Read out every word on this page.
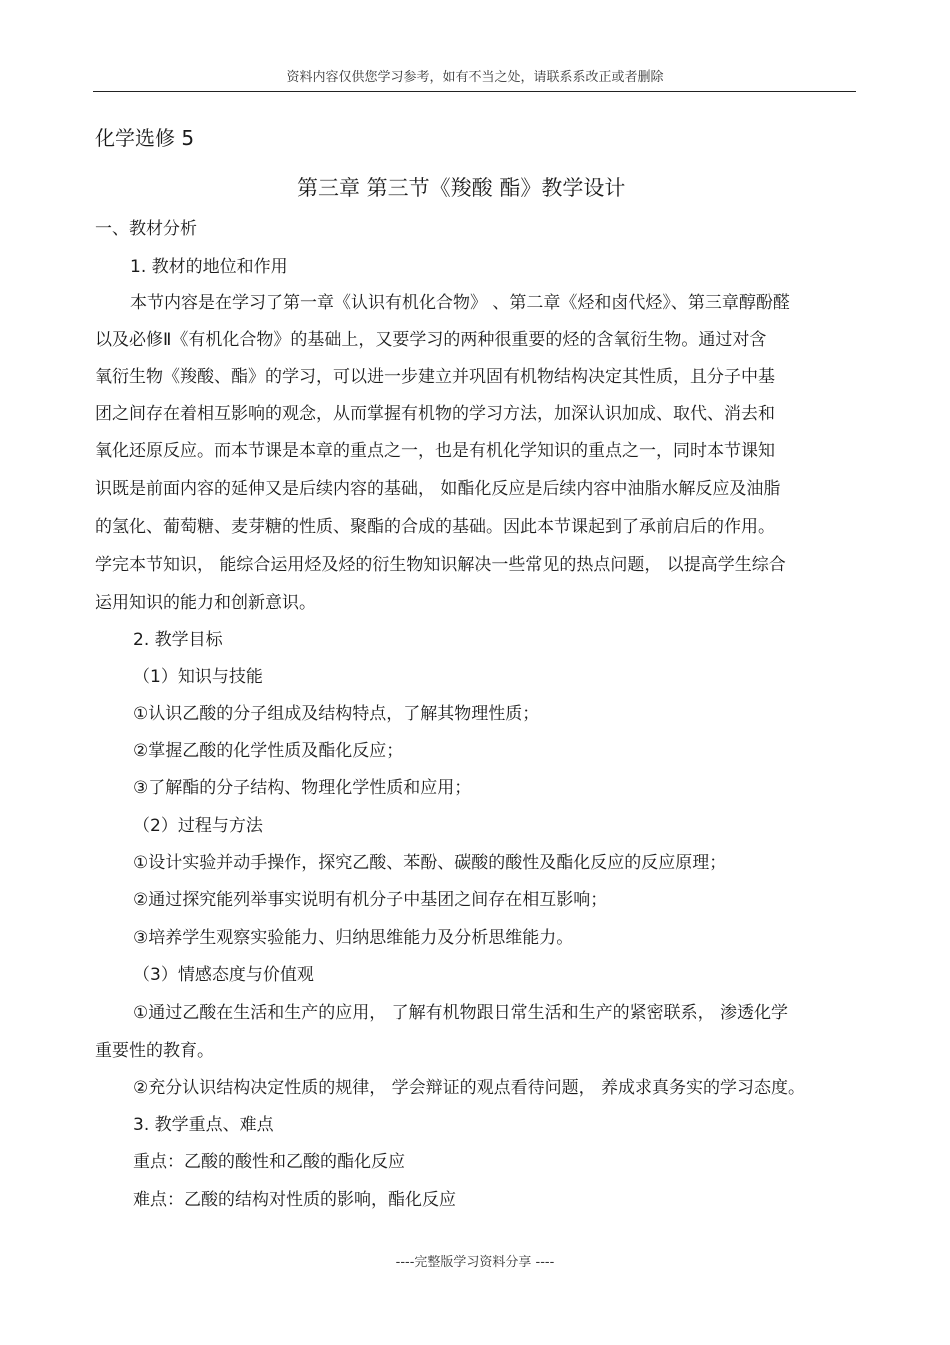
资料内容仅供您学习参考，如有不当之处，请联系系改正或者删除
化学选修 5
第三章 第三节《羧酸 酯》教学设计
一、教材分析
1. 教材的地位和作用
本节内容是在学习了第一章《认识有机化合物》 、第二章《烃和卤代烃》、第三章醇酚醛
以及必修Ⅱ《有机化合物》的基础上，又要学习的两种很重要的烃的含氧衍生物。通过对含
氧衍生物《羧酸、酯》的学习，可以进一步建立并巩固有机物结构决定其性质，且分子中基
团之间存在着相互影响的观念，从而掌握有机物的学习方法，加深认识加成、取代、消去和
氧化还原反应。而本节课是本章的重点之一，也是有机化学知识的重点之一，同时本节课知
识既是前面内容的延伸又是后续内容的基础， 如酯化反应是后续内容中油脂水解反应及油脂
的氢化、葡萄糖、麦芽糖的性质、聚酯的合成的基础。因此本节课起到了承前启后的作用。
学完本节知识， 能综合运用烃及烃的衍生物知识解决一些常见的热点问题， 以提高学生综合
运用知识的能力和创新意识。
2. 教学目标
（1）知识与技能
①认识乙酸的分子组成及结构特点，了解其物理性质；
②掌握乙酸的化学性质及酯化反应；
③了解酯的分子结构、物理化学性质和应用；
（2）过程与方法
①设计实验并动手操作，探究乙酸、苯酚、碳酸的酸性及酯化反应的反应原理；
②通过探究能列举事实说明有机分子中基团之间存在相互影响；
③培养学生观察实验能力、归纳思维能力及分析思维能力。
（3）情感态度与价值观
①通过乙酸在生活和生产的应用， 了解有机物跟日常生活和生产的紧密联系， 渗透化学
重要性的教育。
②充分认识结构决定性质的规律， 学会辩证的观点看待问题， 养成求真务实的学习态度。
3. 教学重点、难点
重点：乙酸的酸性和乙酸的酯化反应
难点：乙酸的结构对性质的影响，酯化反应
----完整版学习资料分享 ----
